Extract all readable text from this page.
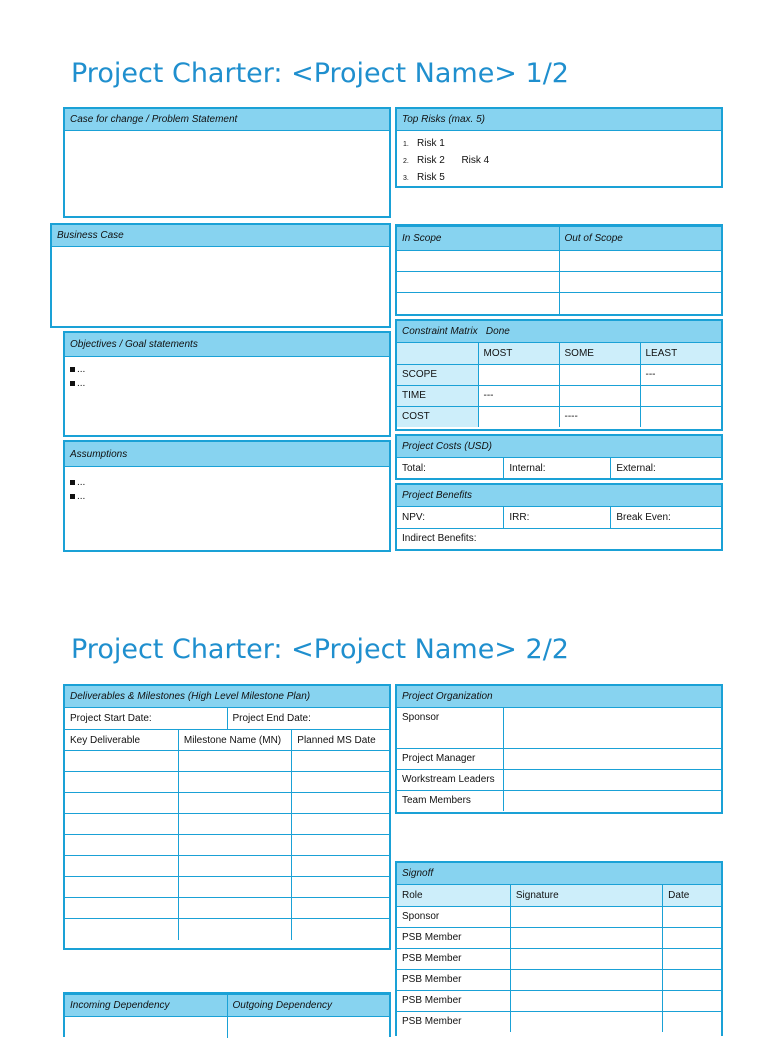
Project Charter: <Project Name> 1/2
Case for change / Problem Statement	Top Risks (max. 5)
1. Risk 1
2. Risk 2      Risk 4
3. Risk 5
Business Case	In Scope	Out of Scope

Objectives / Goal statements
...
...
Constraint Matrix   Done
	MOST	SOME	LEAST
SCOPE			---
TIME	---		
COST		----	
Assumptions
...
...
Project Costs (USD)
Total:	Internal:	External:
Project Benefits
NPV:	IRR:	Break Even:
Indirect Benefits:
Project Charter: <Project Name> 2/2
Deliverables & Milestones (High Level Milestone Plan)
Project Start Date:	Project End Date:
Key Deliverable	Milestone Name (MN)	Planned MS Date

Project Organization
Sponsor	
Project Manager	
Workstream Leaders	
Team Members	
Signoff
Role	Signature	Date
Sponsor		
PSB Member		
PSB Member		
PSB Member		
PSB Member		
PSB Member		
Incoming Dependency	Outgoing Dependency
